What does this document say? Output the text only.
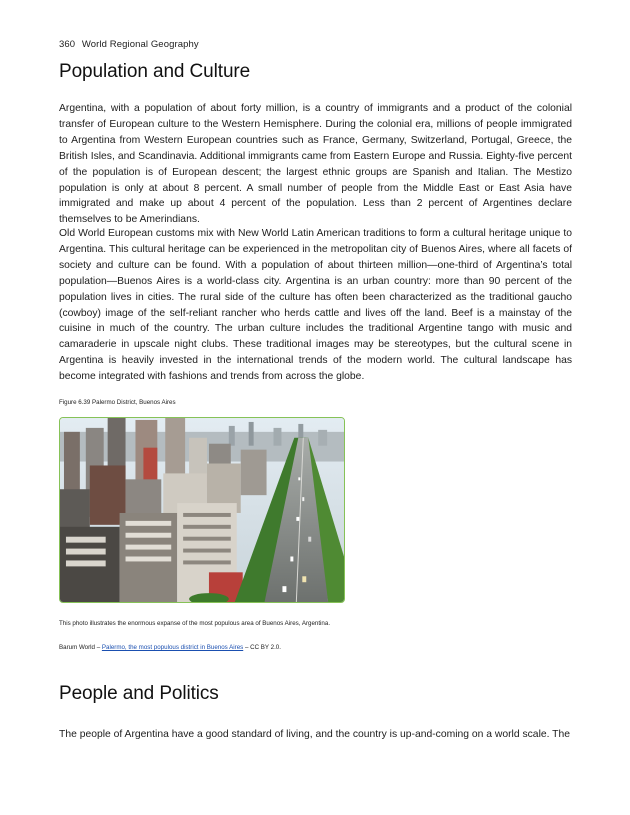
360 World Regional Geography
Population and Culture

Argentina, with a population of about forty million, is a country of immigrants and a product of the colonial transfer of European culture to the Western Hemisphere. During the colonial era, millions of people immigrated to Argentina from Western European countries such as France, Germany, Switzerland, Portugal, Greece, the British Isles, and Scandinavia. Additional immigrants came from Eastern Europe and Russia. Eighty-five percent of the population is of European descent; the largest ethnic groups are Spanish and Italian. The Mestizo population is only at about 8 percent. A small number of people from the Middle East or East Asia have immigrated and make up about 4 percent of the population. Less than 2 percent of Argentines declare themselves to be Amerindians.

Old World European customs mix with New World Latin American traditions to form a cultural heritage unique to Argentina. This cultural heritage can be experienced in the metropolitan city of Buenos Aires, where all facets of society and culture can be found. With a population of about thirteen million—one-third of Argentina’s total population—Buenos Aires is a world-class city. Argentina is an urban country: more than 90 percent of the population lives in cities. The rural side of the culture has often been characterized as the traditional gaucho (cowboy) image of the self-reliant rancher who herds cattle and lives off the land. Beef is a mainstay of the cuisine in much of the country. The urban culture includes the traditional Argentine tango with music and camaraderie in upscale night clubs. These traditional images may be stereotypes, but the cultural scene in Argentina is heavily invested in the international trends of the modern world. The cultural landscape has become integrated with fashions and trends from across the globe.

Figure 6.39 Palermo District, Buenos Aires
This photo illustrates the enormous expanse of the most populous area of Buenos Aires, Argentina.
Barum World – Palermo, the most populous district in Buenos Aires – CC BY 2.0.
People and Politics

The people of Argentina have a good standard of living, and the country is up-and-coming on a world scale. The
